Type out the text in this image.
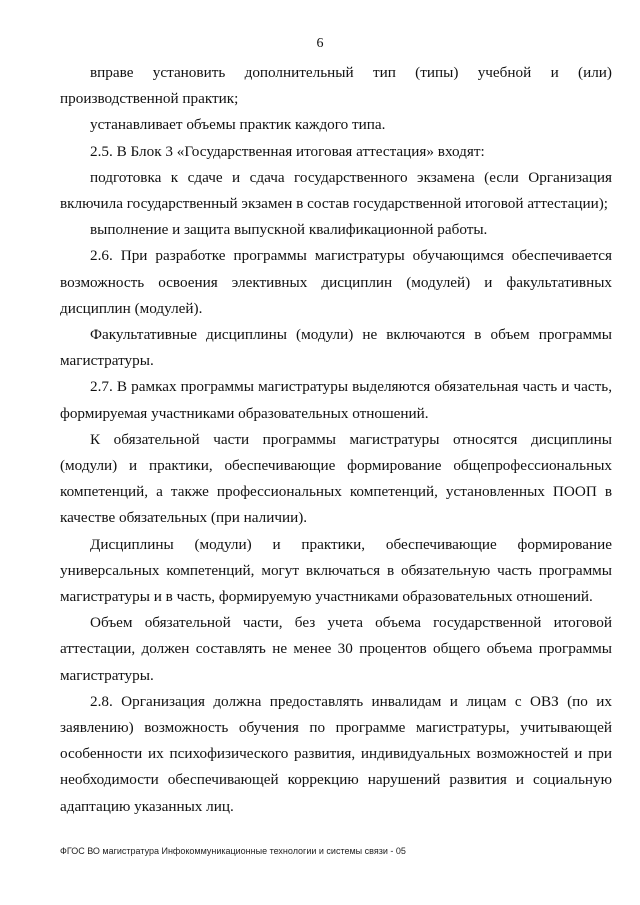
6

вправе установить дополнительный тип (типы) учебной и (или) производственной практик;

устанавливает объемы практик каждого типа.

2.5. В Блок 3 «Государственная итоговая аттестация» входят:

подготовка к сдаче и сдача государственного экзамена (если Организация включила государственный экзамен в состав государственной итоговой аттестации);

выполнение и защита выпускной квалификационной работы.

2.6. При разработке программы магистратуры обучающимся обеспечивается возможность освоения элективных дисциплин (модулей) и факультативных дисциплин (модулей).

Факультативные дисциплины (модули) не включаются в объем программы магистратуры.

2.7. В рамках программы магистратуры выделяются обязательная часть и часть, формируемая участниками образовательных отношений.

К обязательной части программы магистратуры относятся дисциплины (модули) и практики, обеспечивающие формирование общепрофессиональных компетенций, а также профессиональных компетенций, установленных ПООП в качестве обязательных (при наличии).

Дисциплины (модули) и практики, обеспечивающие формирование универсальных компетенций, могут включаться в обязательную часть программы магистратуры и в часть, формируемую участниками образовательных отношений.

Объем обязательной части, без учета объема государственной итоговой аттестации, должен составлять не менее 30 процентов общего объема программы магистратуры.

2.8. Организация должна предоставлять инвалидам и лицам с ОВЗ (по их заявлению) возможность обучения по программе магистратуры, учитывающей особенности их психофизического развития, индивидуальных возможностей и при необходимости обеспечивающей коррекцию нарушений развития и социальную адаптацию указанных лиц.

ФГОС ВО магистратура Инфокоммуникационные технологии и системы связи - 05
